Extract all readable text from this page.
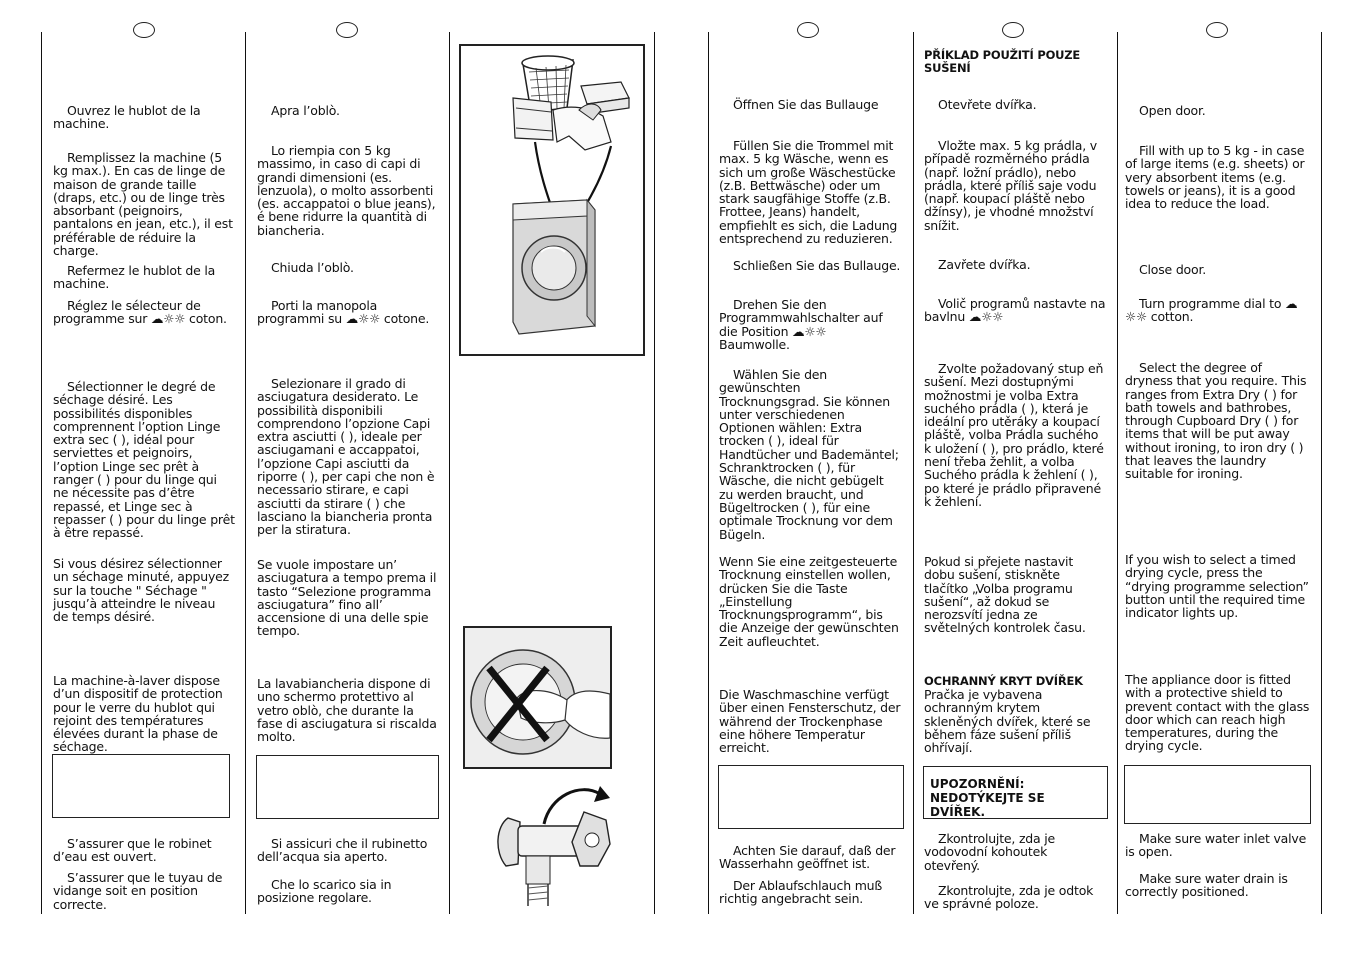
Ouvrez le hublot de la machine.
Remplissez la machine (5 kg max.). En cas de linge de maison de grande taille (draps, etc.) ou de linge très absorbant (peignoirs, pantalons en jean, etc.), il est préférable de réduire la charge.
Refermez le hublot de la machine.
Réglez le sélecteur de programme sur ☁☼☼ coton.
Sélectionner le degré de séchage désiré. Les possibilités disponibles comprennent l’option Linge extra sec ( ), idéal pour serviettes et peignoirs, l’option Linge sec prêt à ranger ( ) pour du linge qui ne nécessite pas d’être repassé, et Linge sec à repasser ( ) pour du linge prêt à être repassé.
Si vous désirez sélectionner un séchage minuté, appuyez sur la touche " Séchage " jusqu’à atteindre le niveau de temps désiré.
La machine-à-laver dispose d’un dispositif de protection pour le verre du hublot qui rejoint des températures élevées durant la phase de séchage.
S’assurer que le robinet d’eau est ouvert.
S’assurer que le tuyau de vidange soit en position correcte.
Apra l’oblò.
Lo riempia con 5 kg massimo, in caso di capi di grandi dimensioni (es. lenzuola), o molto assorbenti (es. accappatoi o blue jeans), é bene ridurre la quantità di biancheria.
Chiuda l’oblò.
Porti la manopola programmi su ☁☼☼ cotone.
Selezionare il grado di asciugatura desiderato. Le possibilità disponibili comprendono l’opzione Capi extra asciutti ( ), ideale per asciugamani e accappatoi, l’opzione Capi asciutti da riporre ( ), per capi che non è necessario stirare, e capi asciutti da stirare ( ) che lasciano la biancheria pronta per la stiratura.
Se vuole impostare un’ asciugatura a tempo prema il tasto “Selezione programma asciugatura” fino all’ accensione di una delle spie tempo.
La lavabiancheria dispone di uno schermo protettivo al vetro oblò, che durante la fase di asciugatura si riscalda molto.
Si assicuri che il rubinetto dell’acqua sia aperto.
Che lo scarico sia in posizione regolare.
Öffnen Sie das Bullauge
Füllen Sie die Trommel mit max. 5 kg Wäsche, wenn es sich um große Wäschestücke (z.B. Bettwäsche) oder um stark saugfähige Stoffe (z.B. Frottee, Jeans) handelt, empfiehlt es sich, die Ladung entsprechend zu reduzieren.
Schließen Sie das Bullauge.
Drehen Sie den Programmwahlschalter auf die Position ☁☼☼ Baumwolle.
Wählen Sie den gewünschten Trocknungsgrad. Sie können unter verschiedenen Optionen wählen: Extra trocken ( ), ideal für Handtücher und Bademäntel; Schranktrocken ( ), für Wäsche, die nicht gebügelt zu werden braucht, und Bügeltrocken ( ), für eine optimale Trocknung vor dem Bügeln.
Wenn Sie eine zeitgesteuerte Trocknung einstellen wollen, drücken Sie die Taste „Einstellung Trocknungsprogramm“, bis die Anzeige der gewünschten Zeit aufleuchtet.
Die Waschmaschine verfügt über einen Fensterschutz, der während der Trockenphase eine höhere Temperatur erreicht.
Achten Sie darauf, daß der Wasserhahn geöffnet ist.
Der Ablaufschlauch muß richtig angebracht sein.
PŘÍKLAD POUŽITÍ POUZE SUŠENÍ
Otevřete dvířka.
Vložte max. 5 kg prádla, v případě rozměrného prádla (např. ložní prádlo), nebo prádla, které příliš saje vodu (např. koupací pláště nebo džínsy), je vhodné množství snížit.
Zavřete dvířka.
Volič programů nastavte na bavlnu ☁☼☼
Zvolte požadovaný stup eň sušení. Mezi dostupnými možnostmi je volba Extra suchého prádla ( ), která je ideální pro utěráky a koupací pláště, volba Prádla suchého k uložení ( ), pro prádlo, které není třeba žehlit, a volba Suchého prádla k žehlení ( ), po které je prádlo připravené k žehlení.
Pokud si přejete nastavit dobu sušení, stiskněte tlačítko „Volba programu sušení“, až dokud se nerozsvítí jedna ze světelných kontrolek času.
OCHRANNÝ KRYT DVÍŘEK
Pračka je vybavena ochranným krytem skleněných dvířek, které se během fáze sušení příliš ohřívají.
UPOZORNĚNÍ: NEDOTÝKEJTE SE DVÍŘEK.
Zkontrolujte, zda je vodovodní kohoutek otevřený.
Zkontrolujte, zda je odtok ve správné poloze.
Open door.
Fill with up to 5 kg - in case of large items (e.g. sheets) or very absorbent items (e.g. towels or jeans), it is a good idea to reduce the load.
Close door.
Turn programme dial to ☁☼☼ cotton.
Select the degree of dryness that you require. This ranges from Extra Dry ( ) for bath towels and bathrobes, through Cupboard Dry ( ) for items that will be put away without ironing, to iron dry ( ) that leaves the laundry suitable for ironing.
If you wish to select a timed drying cycle, press the “drying programme selection” button until the required time indicator lights up.
The appliance door is fitted with a protective shield to prevent contact with the glass door which can reach high temperatures, during the drying cycle.
Make sure water inlet valve is open.
Make sure water drain is correctly positioned.
